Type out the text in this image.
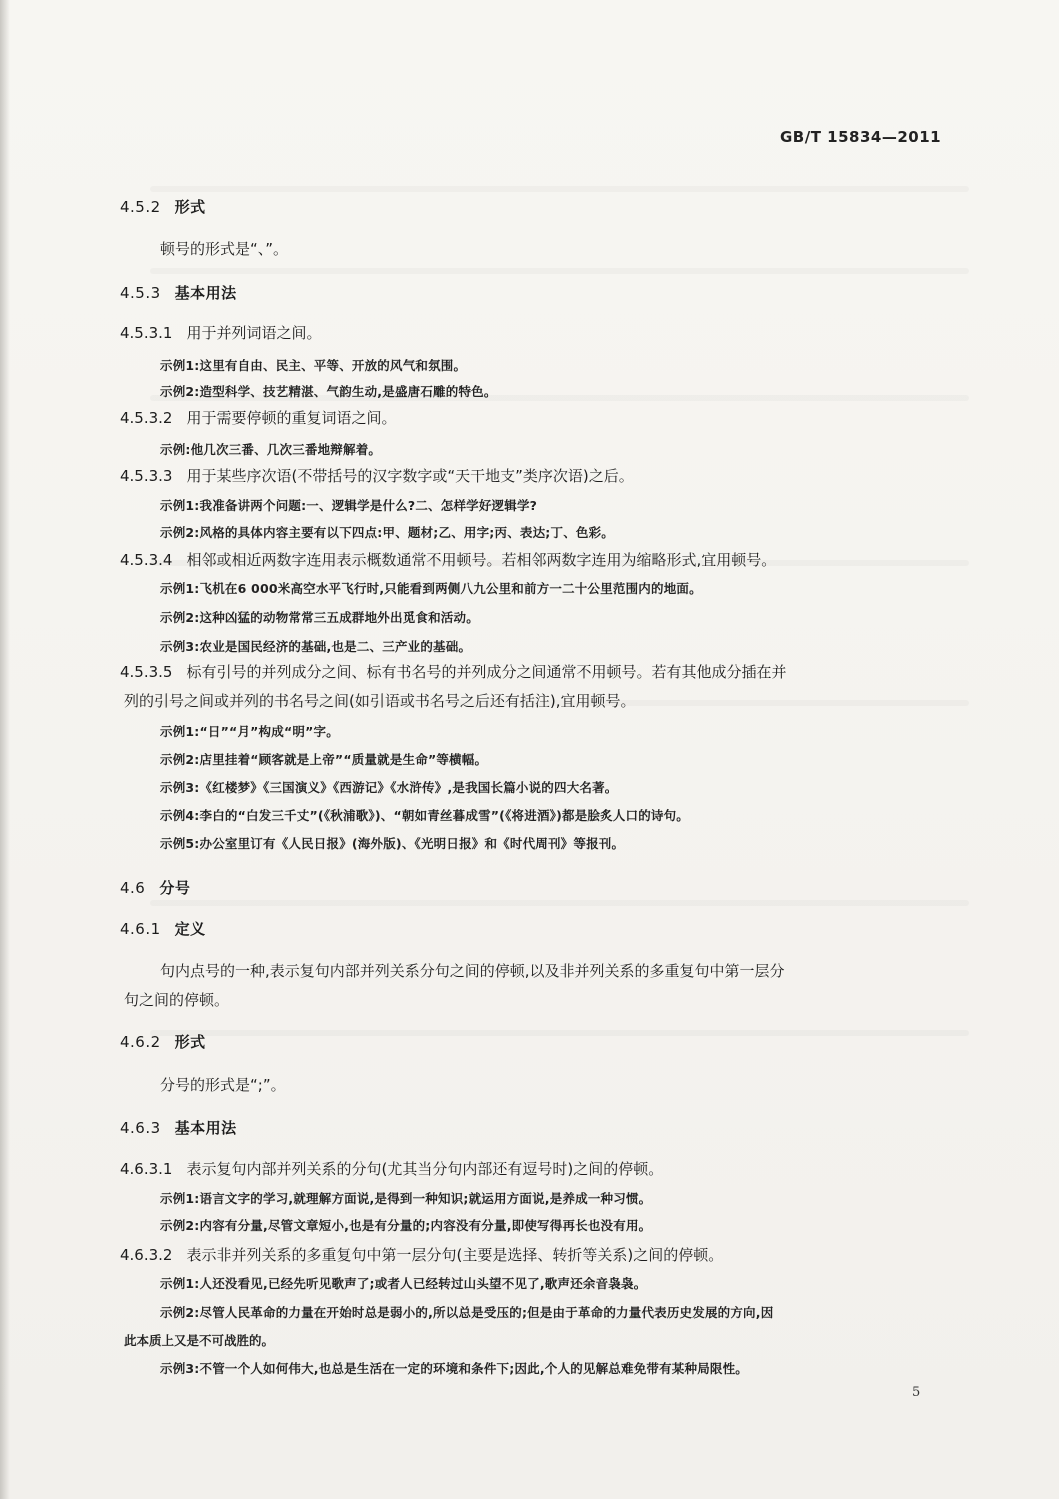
GB/T 15834—2011
4.5.2 形式
顿号的形式是“、”。
4.5.3 基本用法
4.5.3.1 用于并列词语之间。
示例1:这里有自由、民主、平等、开放的风气和氛围。
示例2:造型科学、技艺精湛、气韵生动,是盛唐石雕的特色。
4.5.3.2 用于需要停顿的重复词语之间。
示例:他几次三番、几次三番地辩解着。
4.5.3.3 用于某些序次语(不带括号的汉字数字或“天干地支”类序次语)之后。
示例1:我准备讲两个问题:一、逻辑学是什么?二、怎样学好逻辑学?
示例2:风格的具体内容主要有以下四点:甲、题材;乙、用字;丙、表达;丁、色彩。
4.5.3.4 相邻或相近两数字连用表示概数通常不用顿号。若相邻两数字连用为缩略形式,宜用顿号。
示例1:飞机在6 000米高空水平飞行时,只能看到两侧八九公里和前方一二十公里范围内的地面。
示例2:这种凶猛的动物常常三五成群地外出觅食和活动。
示例3:农业是国民经济的基础,也是二、三产业的基础。
4.5.3.5 标有引号的并列成分之间、标有书名号的并列成分之间通常不用顿号。若有其他成分插在并
列的引号之间或并列的书名号之间(如引语或书名号之后还有括注),宜用顿号。
示例1:“日”“月”构成“明”字。
示例2:店里挂着“顾客就是上帝”“质量就是生命”等横幅。
示例3:《红楼梦》《三国演义》《西游记》《水浒传》,是我国长篇小说的四大名著。
示例4:李白的“白发三千丈”(《秋浦歌》)、“朝如青丝暮成雪”(《将进酒》)都是脍炙人口的诗句。
示例5:办公室里订有《人民日报》(海外版)、《光明日报》和《时代周刊》等报刊。
4.6 分号
4.6.1 定义
句内点号的一种,表示复句内部并列关系分句之间的停顿,以及非并列关系的多重复句中第一层分
句之间的停顿。
4.6.2 形式
分号的形式是“;”。
4.6.3 基本用法
4.6.3.1 表示复句内部并列关系的分句(尤其当分句内部还有逗号时)之间的停顿。
示例1:语言文字的学习,就理解方面说,是得到一种知识;就运用方面说,是养成一种习惯。
示例2:内容有分量,尽管文章短小,也是有分量的;内容没有分量,即使写得再长也没有用。
4.6.3.2 表示非并列关系的多重复句中第一层分句(主要是选择、转折等关系)之间的停顿。
示例1:人还没看见,已经先听见歌声了;或者人已经转过山头望不见了,歌声还余音袅袅。
示例2:尽管人民革命的力量在开始时总是弱小的,所以总是受压的;但是由于革命的力量代表历史发展的方向,因
此本质上又是不可战胜的。
示例3:不管一个人如何伟大,也总是生活在一定的环境和条件下;因此,个人的见解总难免带有某种局限性。
5
